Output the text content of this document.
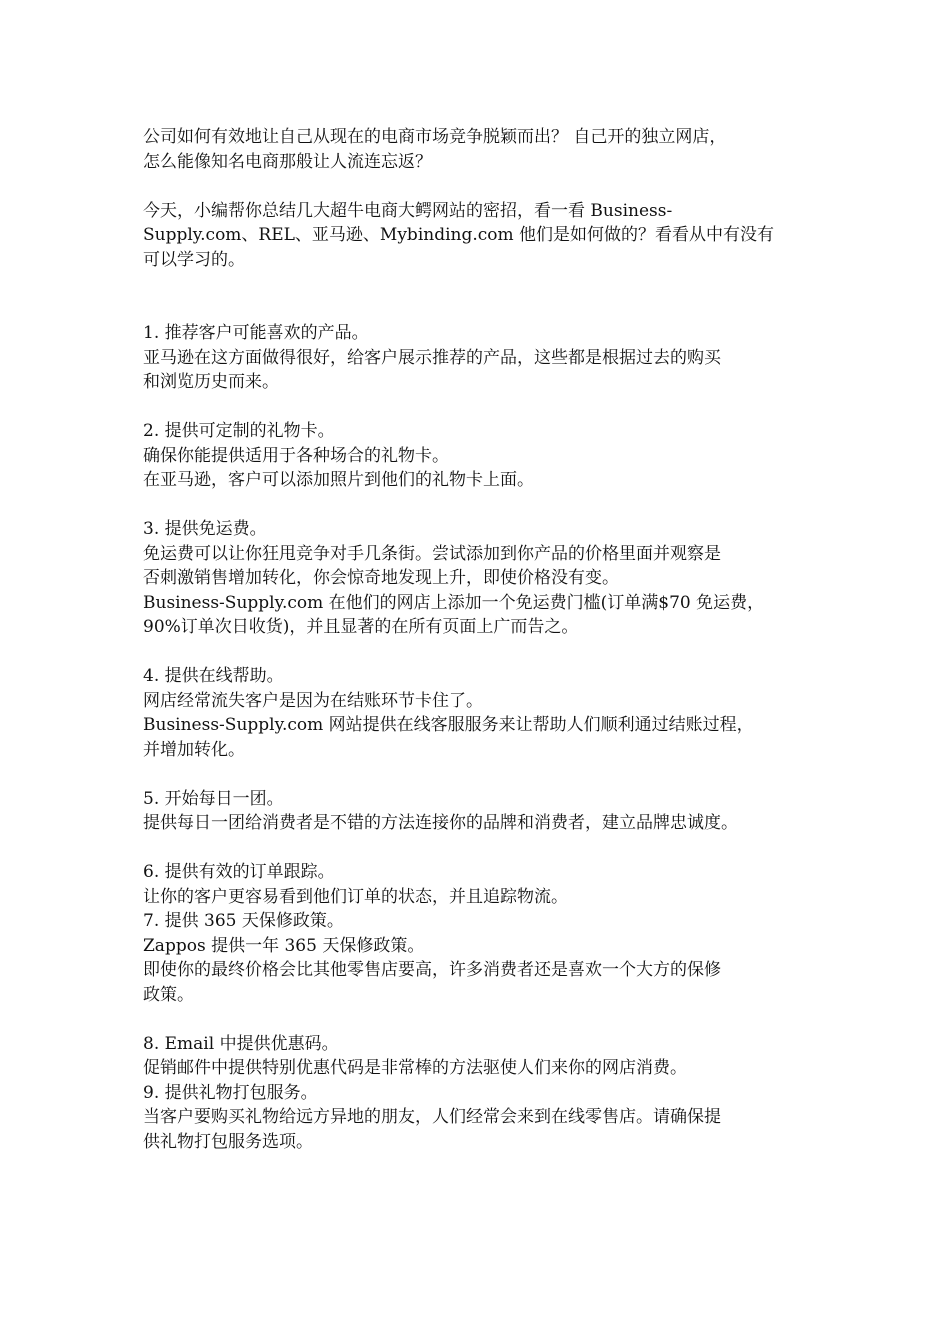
公司如何有效地让自己从现在的电商市场竞争脱颖而出？ 自己开的独立网店，
怎么能像知名电商那般让人流连忘返？
今天，小编帮你总结几大超牛电商大鳄网站的密招，看一看 Business-
Supply.com、REL、亚马逊、Mybinding.com 他们是如何做的？看看从中有没有
可以学习的。
1. 推荐客户可能喜欢的产品。
亚马逊在这方面做得很好，给客户展示推荐的产品，这些都是根据过去的购买
和浏览历史而来。
2. 提供可定制的礼物卡。
确保你能提供适用于各种场合的礼物卡。
在亚马逊，客户可以添加照片到他们的礼物卡上面。
3. 提供免运费。
免运费可以让你狂甩竞争对手几条街。尝试添加到你产品的价格里面并观察是
否刺激销售增加转化，你会惊奇地发现上升，即使价格没有变。
Business-Supply.com 在他们的网店上添加一个免运费门槛(订单满$70 免运费，
90%订单次日收货)，并且显著的在所有页面上广而告之。
4. 提供在线帮助。
网店经常流失客户是因为在结账环节卡住了。
Business-Supply.com 网站提供在线客服服务来让帮助人们顺利通过结账过程，
并增加转化。
5. 开始每日一团。
提供每日一团给消费者是不错的方法连接你的品牌和消费者，建立品牌忠诚度。
6. 提供有效的订单跟踪。
让你的客户更容易看到他们订单的状态，并且追踪物流。
7. 提供 365 天保修政策。
Zappos 提供一年 365 天保修政策。
即使你的最终价格会比其他零售店要高，许多消费者还是喜欢一个大方的保修
政策。
8. Email 中提供优惠码。
促销邮件中提供特别优惠代码是非常棒的方法驱使人们来你的网店消费。
9. 提供礼物打包服务。
当客户要购买礼物给远方异地的朋友，人们经常会来到在线零售店。请确保提
供礼物打包服务选项。
